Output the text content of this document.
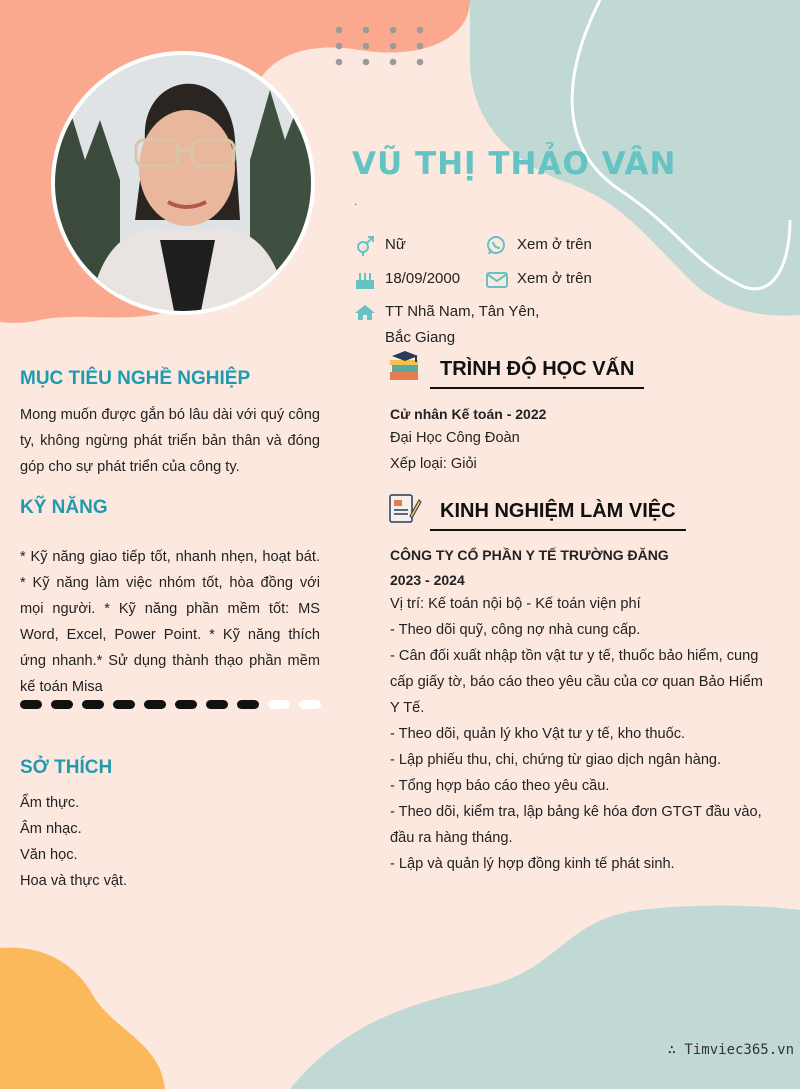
VŨ THỊ THẢO VÂN
.
Nữ	Xem ở trên
18/09/2000	Xem ở trên
TT Nhã Nam, Tân Yên, Bắc Giang
MỤC TIÊU NGHỀ NGHIỆP
Mong muốn được gắn bó lâu dài với quý công ty, không ngừng phát triển bản thân và đóng góp cho sự phát triển của công ty.
KỸ NĂNG
* Kỹ năng giao tiếp tốt, nhanh nhẹn, hoạt bát. * Kỹ năng làm việc nhóm tốt, hòa đồng với mọi người. * Kỹ năng phần mềm tốt: MS Word, Excel, Power Point. * Kỹ năng thích ứng nhanh.* Sử dụng thành thạo phần mềm kế toán Misa
SỞ THÍCH
Ẩm thực.
Âm nhạc.
Văn học.
Hoa và thực vật.
TRÌNH ĐỘ HỌC VẤN
Cử nhân Kế toán - 2022
Đại Học Công Đoàn
Xếp loại: Giỏi
KINH NGHIỆM LÀM VIỆC
CÔNG TY CỔ PHẦN Y TẾ TRƯỜNG ĐĂNG
2023 - 2024
Vị trí: Kế toán nội bộ - Kế toán viện phí
- Theo dõi quỹ, công nợ nhà cung cấp.
- Cân đối xuất nhập tồn vật tư y tế, thuốc bảo hiểm, cung cấp giấy tờ, báo cáo theo yêu cầu của cơ quan Bảo Hiểm Y Tế.
- Theo dõi, quản lý kho Vật tư y tế, kho thuốc.
- Lập phiếu thu, chi, chứng từ giao dịch ngân hàng.
- Tổng hợp báo cáo theo yêu cầu.
- Theo dõi, kiểm tra, lập bảng kê hóa đơn GTGT đầu vào, đầu ra hàng tháng.
- Lập và quản lý hợp đồng kinh tế phát sinh.
∴ Timviec365.vn
